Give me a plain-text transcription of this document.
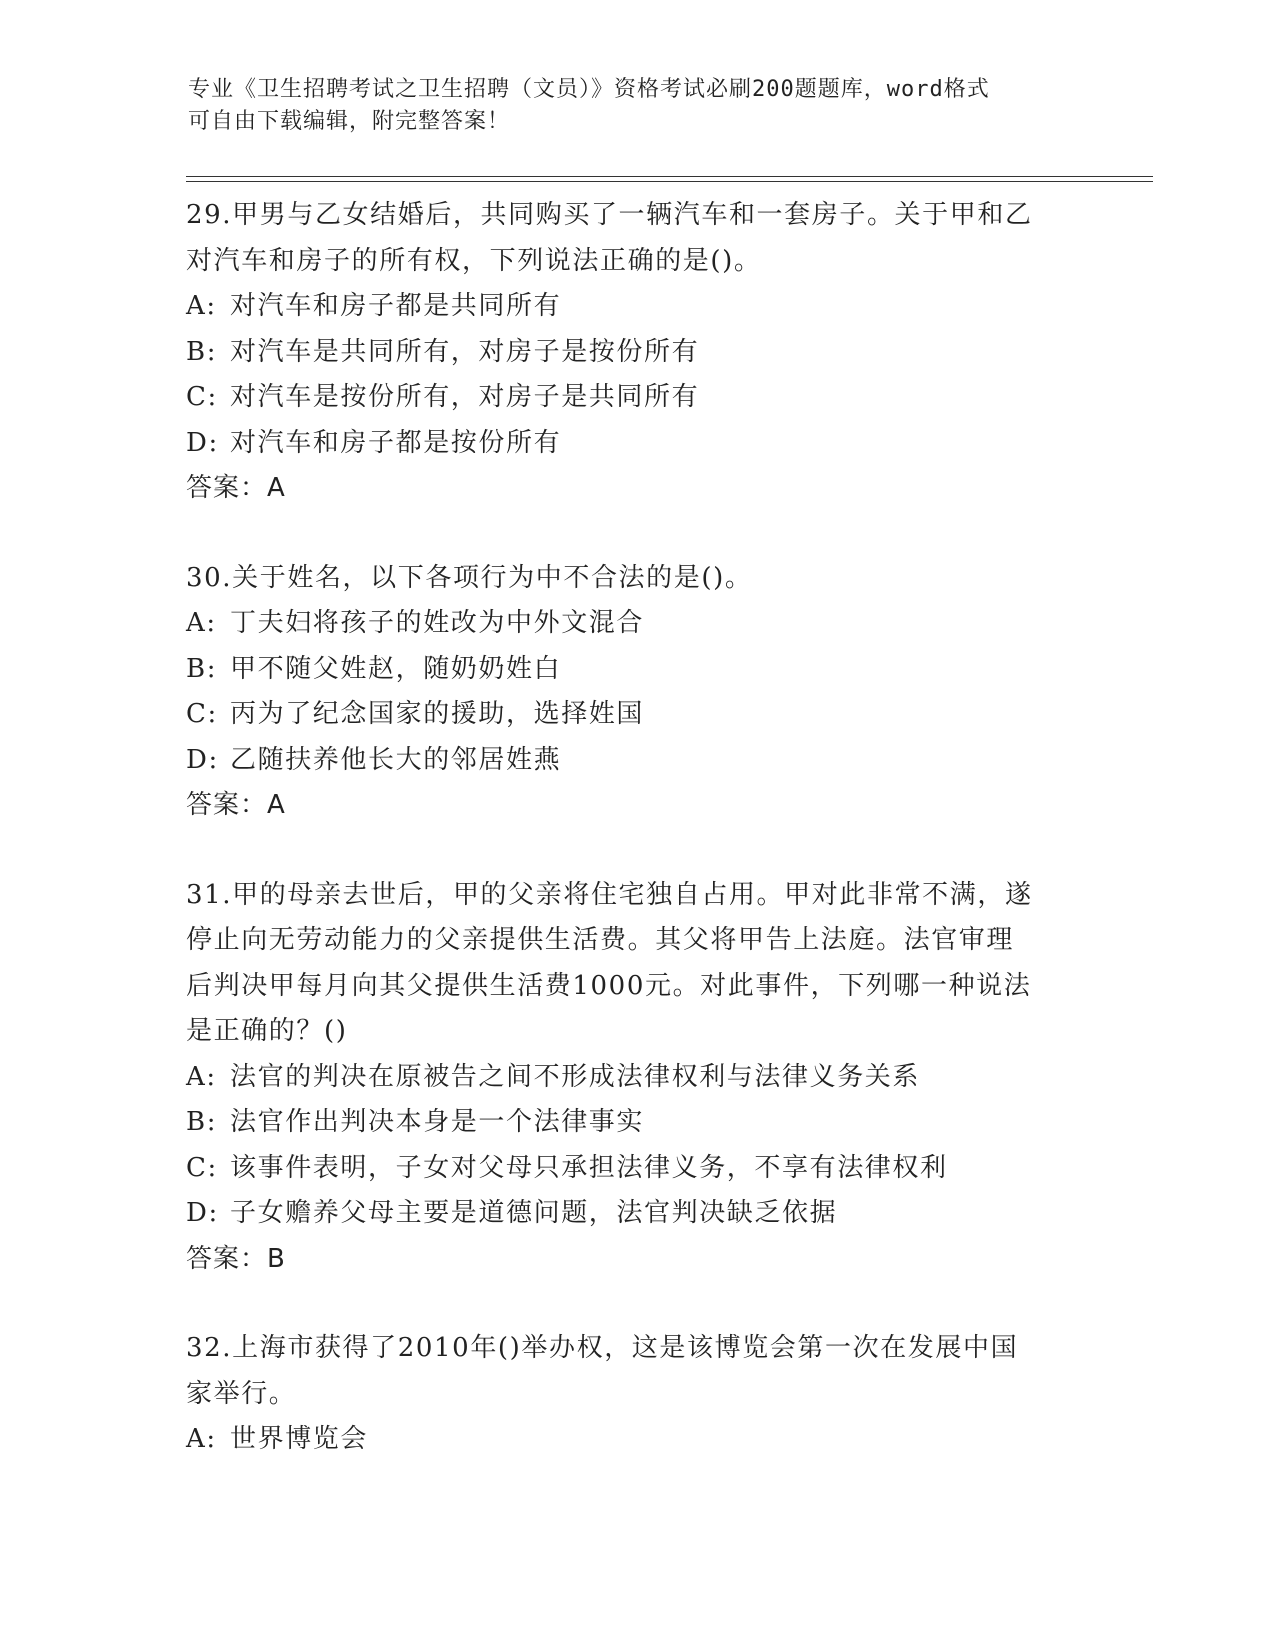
专业《卫生招聘考试之卫生招聘（文员）》资格考试必刷200题题库，word格式
可自由下载编辑，附完整答案！

29.甲男与乙女结婚后，共同购买了一辆汽车和一套房子。关于甲和乙

对汽车和房子的所有权，下列说法正确的是()。

A: 对汽车和房子都是共同所有
B: 对汽车是共同所有，对房子是按份所有
C: 对汽车是按份所有，对房子是共同所有
D: 对汽车和房子都是按份所有

答案：A

30.关于姓名，以下各项行为中不合法的是()。

A: 丁夫妇将孩子的姓改为中外文混合
B: 甲不随父姓赵，随奶奶姓白
C: 丙为了纪念国家的援助，选择姓国
D: 乙随扶养他长大的邻居姓燕

答案：A

31.甲的母亲去世后，甲的父亲将住宅独自占用。甲对此非常不满，遂

停止向无劳动能力的父亲提供生活费。其父将甲告上法庭。法官审理

后判决甲每月向其父提供生活费1000元。对此事件，下列哪一种说法

是正确的？()

A: 法官的判决在原被告之间不形成法律权利与法律义务关系
B: 法官作出判决本身是一个法律事实
C: 该事件表明，子女对父母只承担法律义务，不享有法律权利
D: 子女赡养父母主要是道德问题，法官判决缺乏依据

答案：B

32.上海市获得了2010年()举办权，这是该博览会第一次在发展中国

家举行。

A: 世界博览会
